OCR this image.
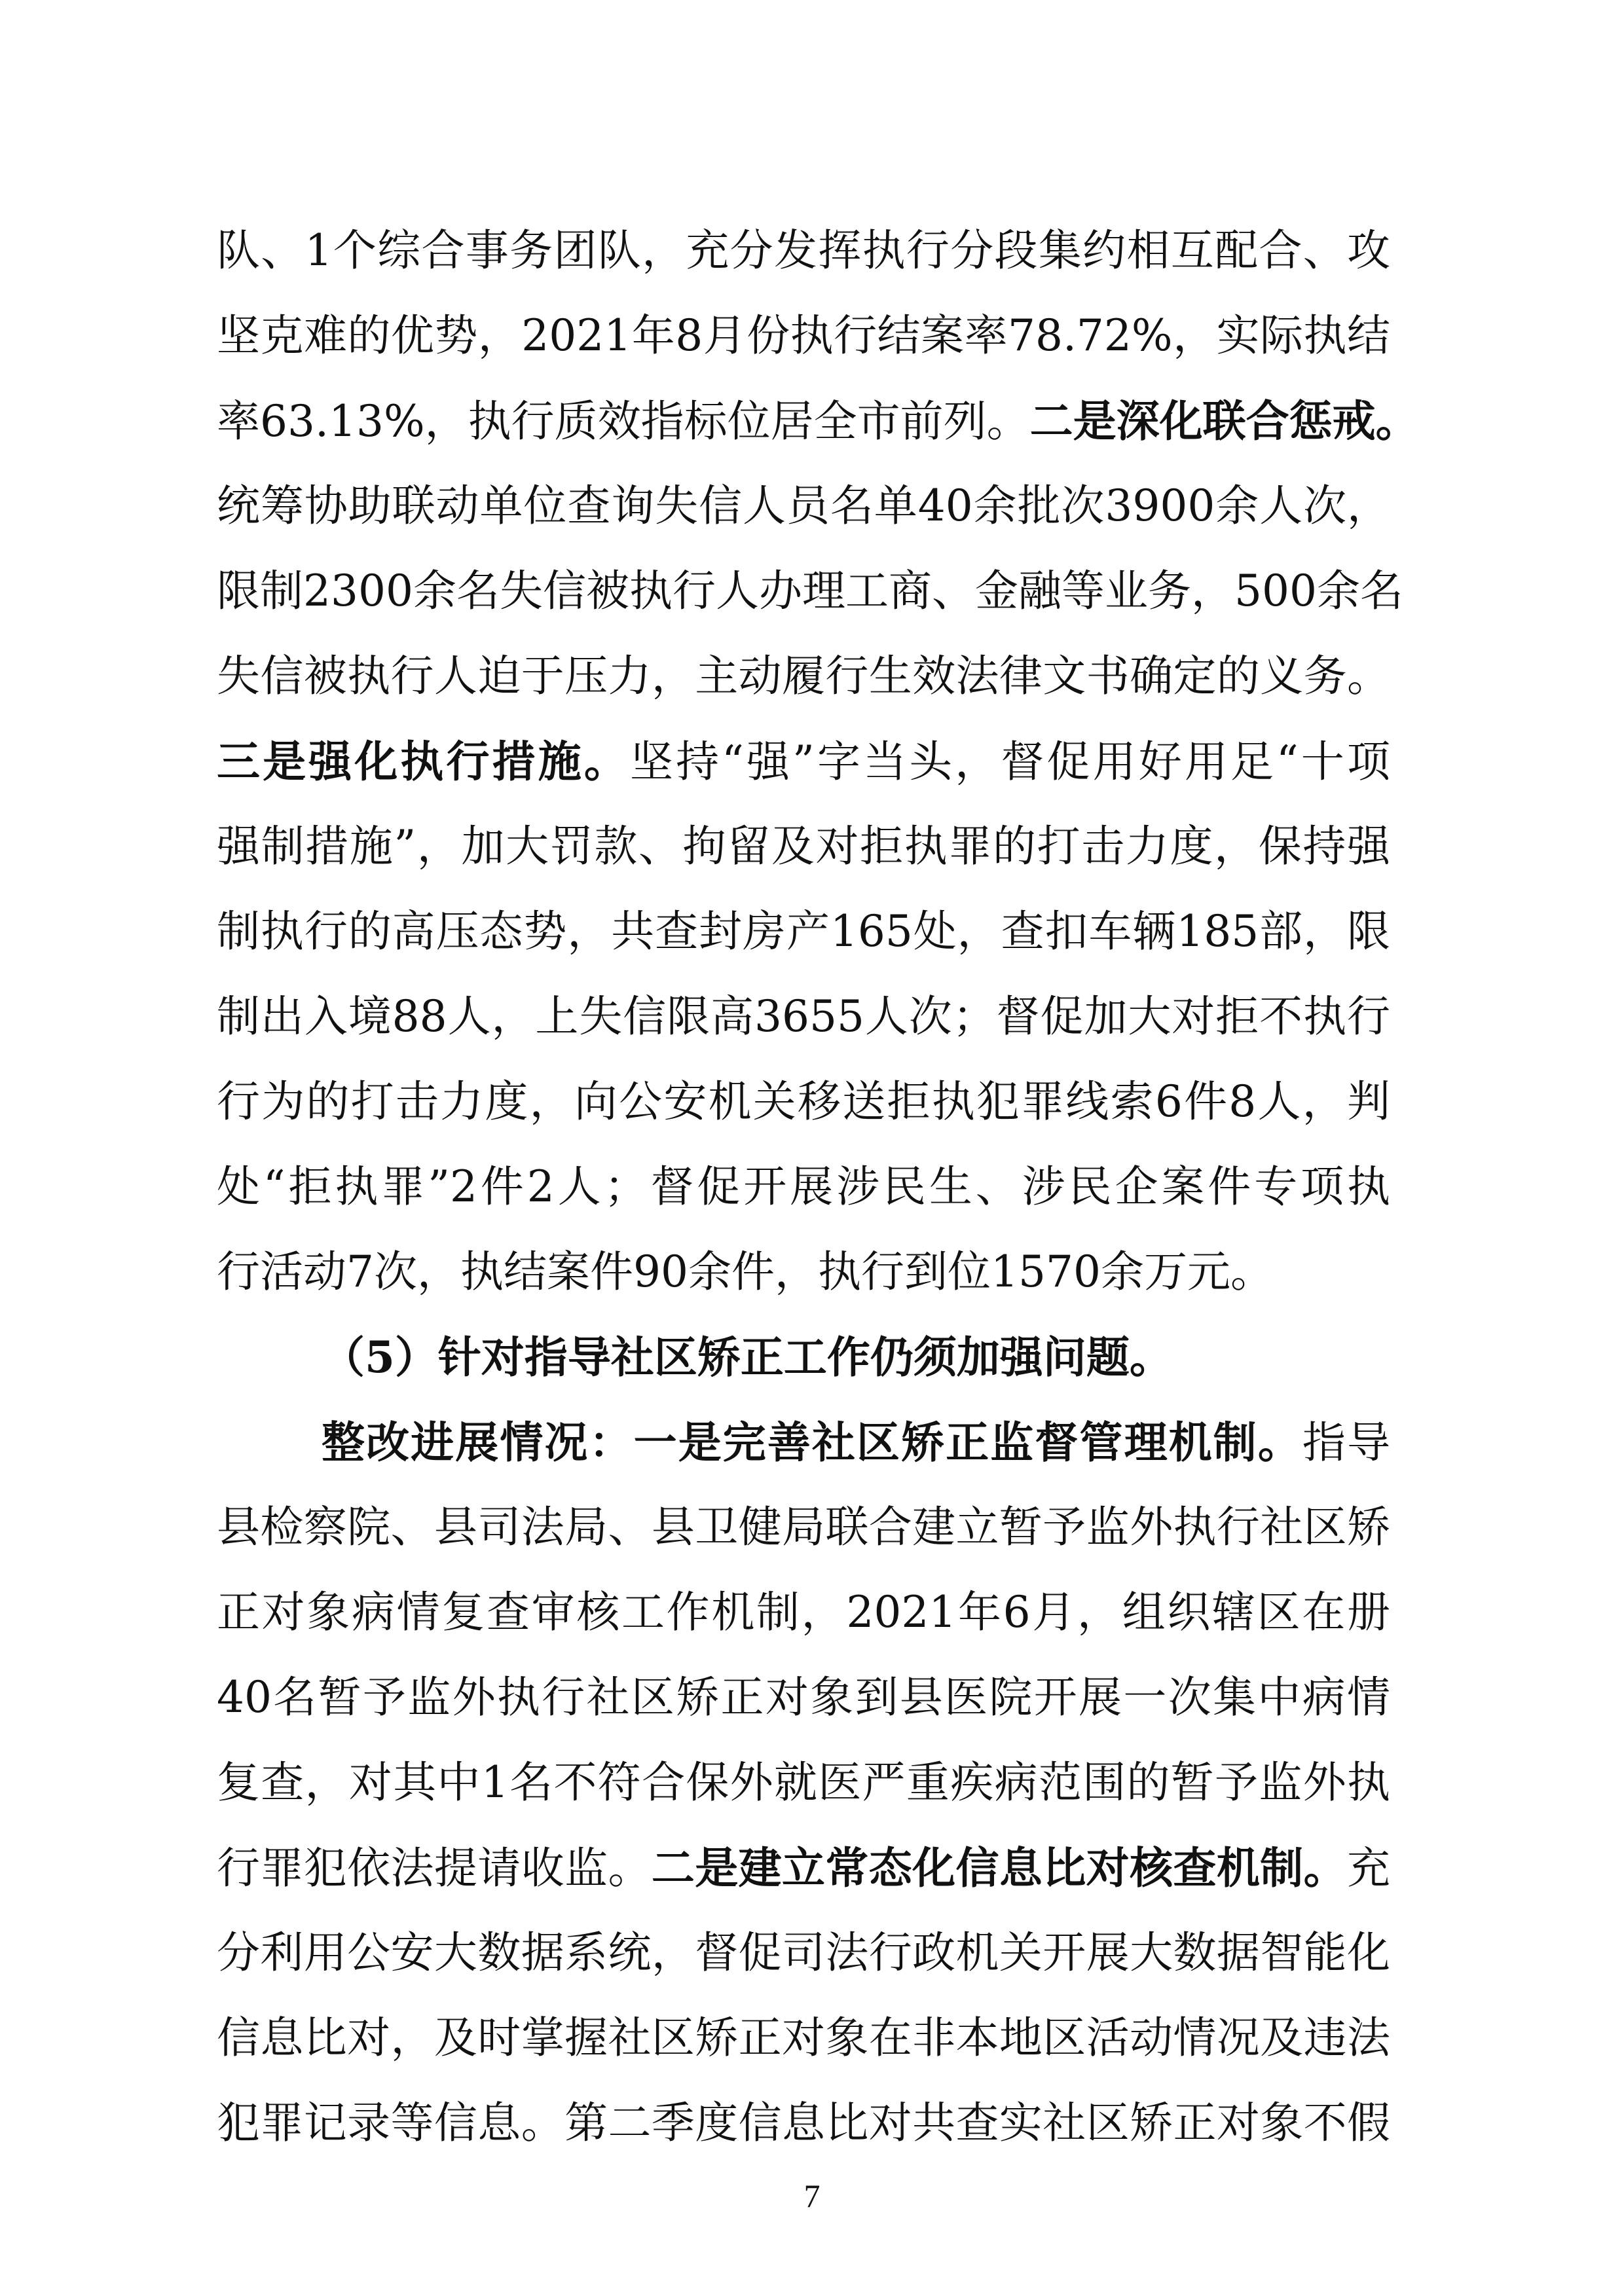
队、1个综合事务团队，充分发挥执行分段集约相互配合、攻
坚克难的优势，2021年8月份执行结案率78.72%，实际执结
率63.13%，执行质效指标位居全市前列。二是深化联合惩戒。
统筹协助联动单位查询失信人员名单40余批次3900余人次，
限制2300余名失信被执行人办理工商、金融等业务，500余名
失信被执行人迫于压力，主动履行生效法律文书确定的义务。
三是强化执行措施。坚持“强”字当头，督促用好用足“十项
强制措施”，加大罚款、拘留及对拒执罪的打击力度，保持强
制执行的高压态势，共查封房产165处，查扣车辆185部，限
制出入境88人，上失信限高3655人次；督促加大对拒不执行
行为的打击力度，向公安机关移送拒执犯罪线索6件8人，判
处“拒执罪”2件2人；督促开展涉民生、涉民企案件专项执
行活动7次，执结案件90余件，执行到位1570余万元。
（5）针对指导社区矫正工作仍须加强问题。
整改进展情况：一是完善社区矫正监督管理机制。指导
县检察院、县司法局、县卫健局联合建立暂予监外执行社区矫
正对象病情复查审核工作机制，2021年6月，组织辖区在册
40名暂予监外执行社区矫正对象到县医院开展一次集中病情
复查，对其中1名不符合保外就医严重疾病范围的暂予监外执
行罪犯依法提请收监。二是建立常态化信息比对核查机制。充
分利用公安大数据系统，督促司法行政机关开展大数据智能化
信息比对，及时掌握社区矫正对象在非本地区活动情况及违法
犯罪记录等信息。第二季度信息比对共查实社区矫正对象不假
7
